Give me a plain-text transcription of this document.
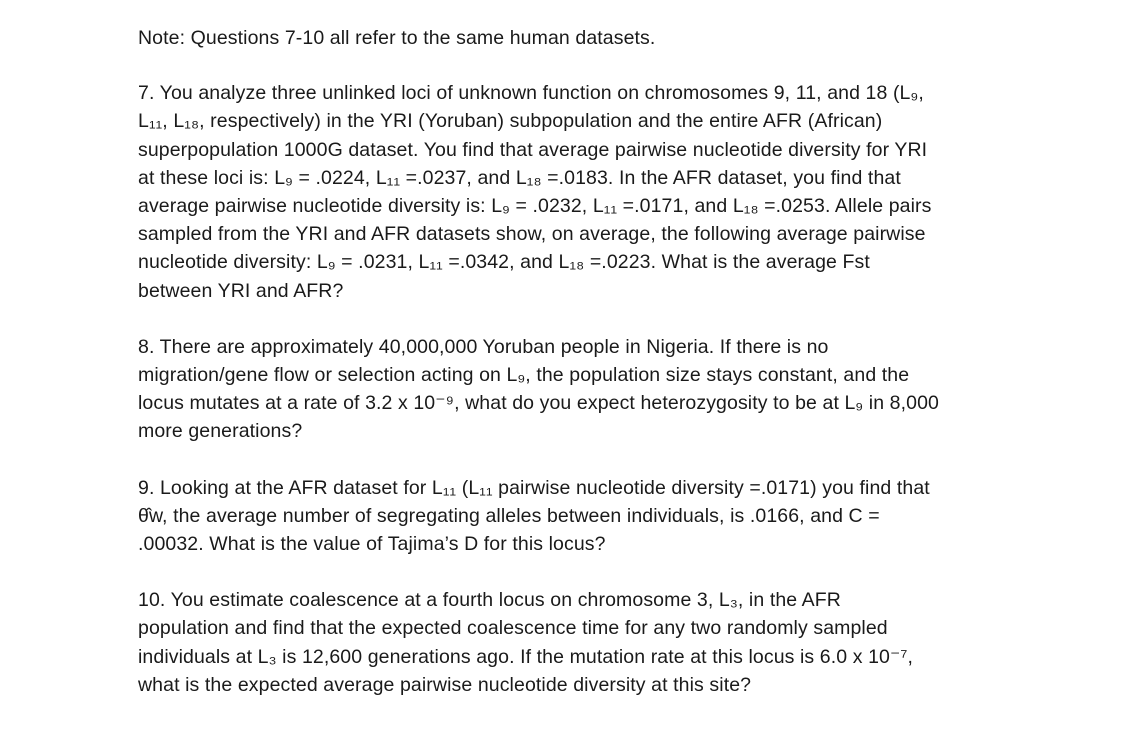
Note: Questions 7-10 all refer to the same human datasets.

7. You analyze three unlinked loci of unknown function on chromosomes 9, 11, and 18 (L₉,
L₁₁, L₁₈, respectively) in the YRI (Yoruban) subpopulation and the entire AFR (African)
superpopulation 1000G dataset. You find that average pairwise nucleotide diversity for YRI
at these loci is: L₉ = .0224, L₁₁ =.0237, and L₁₈ =.0183. In the AFR dataset, you find that
average pairwise nucleotide diversity is: L₉ = .0232, L₁₁ =.0171, and L₁₈ =.0253. Allele pairs
sampled from the YRI and AFR datasets show, on average, the following average pairwise
nucleotide diversity: L₉ = .0231, L₁₁ =.0342, and L₁₈ =.0223. What is the average Fst
between YRI and AFR?

8. There are approximately 40,000,000 Yoruban people in Nigeria. If there is no
migration/gene flow or selection acting on L₉, the population size stays constant, and the
locus mutates at a rate of 3.2 x 10⁻⁹, what do you expect heterozygosity to be at L₉ in 8,000
more generations?

9. Looking at the AFR dataset for L₁₁ (L₁₁ pairwise nucleotide diversity =.0171) you find that
θ̂w, the average number of segregating alleles between individuals, is .0166, and C =
.00032. What is the value of Tajima’s D for this locus?

10. You estimate coalescence at a fourth locus on chromosome 3, L₃, in the AFR
population and find that the expected coalescence time for any two randomly sampled
individuals at L₃ is 12,600 generations ago. If the mutation rate at this locus is 6.0 x 10⁻⁷,
what is the expected average pairwise nucleotide diversity at this site?
